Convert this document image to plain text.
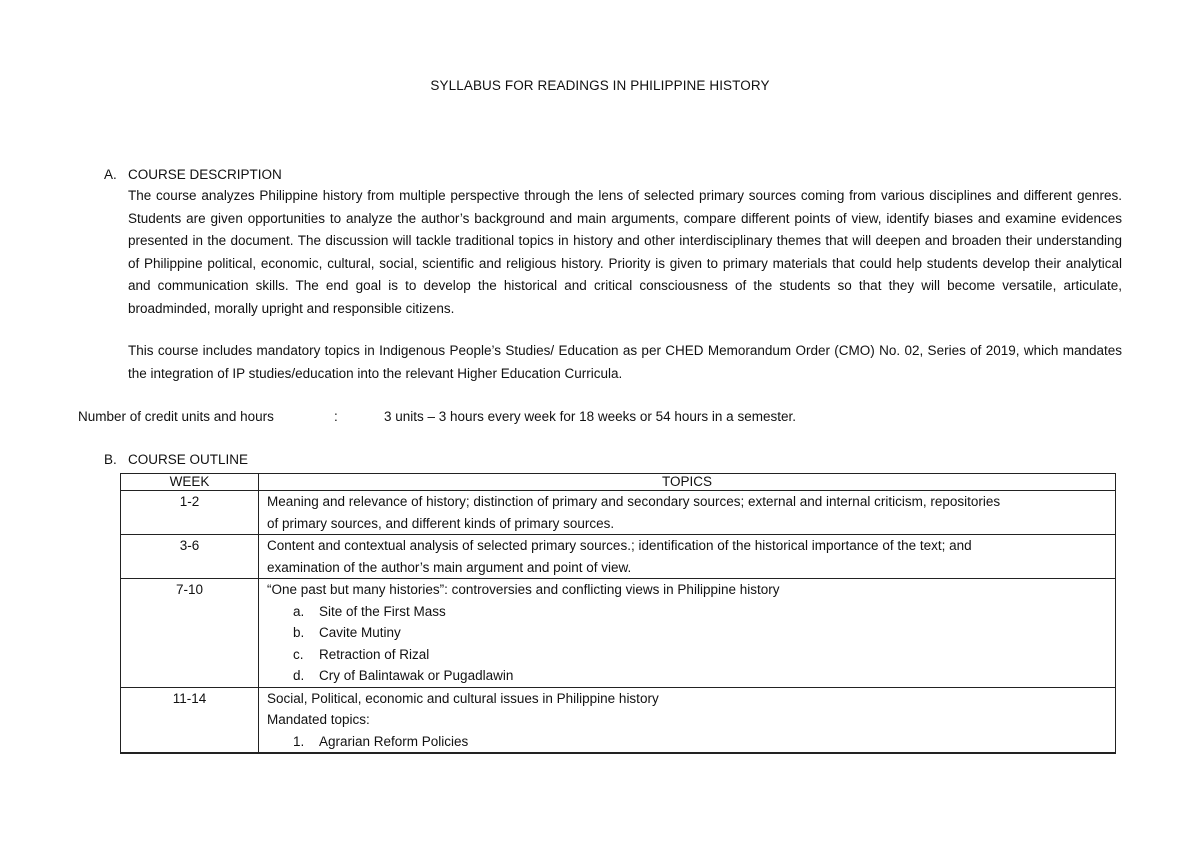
SYLLABUS FOR READINGS IN PHILIPPINE HISTORY
A. COURSE DESCRIPTION

The course analyzes Philippine history from multiple perspective through the lens of selected primary sources coming from various disciplines and different genres. Students are given opportunities to analyze the author’s background and main arguments, compare different points of view, identify biases and examine evidences presented in the document. The discussion will tackle traditional topics in history and other interdisciplinary themes that will deepen and broaden their understanding of Philippine political, economic, cultural, social, scientific and religious history. Priority is given to primary materials that could help students develop their analytical and communication skills. The end goal is to develop the historical and critical consciousness of the students so that they will become versatile, articulate, broadminded, morally upright and responsible citizens.

This course includes mandatory topics in Indigenous People’s Studies/ Education as per CHED Memorandum Order (CMO) No. 02, Series of 2019, which mandates the integration of IP studies/education into the relevant Higher Education Curricula.

Number of credit units and hours	:	3 units – 3 hours every week for 18 weeks or 54 hours in a semester.
B. COURSE OUTLINE
WEEK	TOPICS
1-2	Meaning and relevance of history; distinction of primary and secondary sources; external and internal criticism, repositories
of primary sources, and different kinds of primary sources.

3-6	Content and contextual analysis of selected primary sources.; identification of the historical importance of the text; and
examination of the author’s main argument and point of view.

7-10	“One past but many histories”: controversies and conflicting views in Philippine history
a. Site of the First Mass
b. Cavite Mutiny
c. Retraction of Rizal
d. Cry of Balintawak or Pugadlawin

11-14	Social, Political, economic and cultural issues in Philippine history
Mandated topics:
1. Agrarian Reform Policies
